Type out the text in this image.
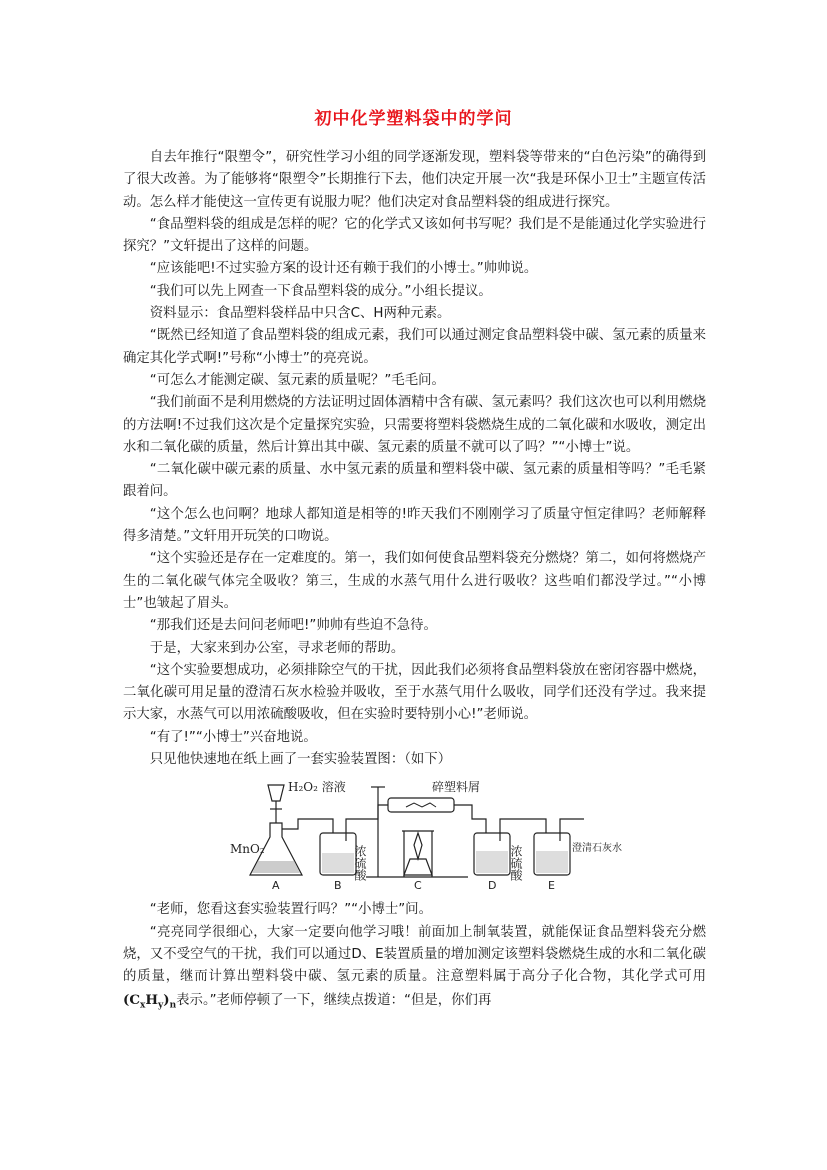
初中化学塑料袋中的学问

自去年推行“限塑令”，研究性学习小组的同学逐渐发现，塑料袋等带来的“白色污染”的确得到了很大改善。为了能够将“限塑令”长期推行下去，他们决定开展一次“我是环保小卫士”主题宣传活动。怎么样才能使这一宣传更有说服力呢？他们决定对食品塑料袋的组成进行探究。

“食品塑料袋的组成是怎样的呢？它的化学式又该如何书写呢？我们是不是能通过化学实验进行探究？”文轩提出了这样的问题。

“应该能吧!不过实验方案的设计还有赖于我们的小博士。”帅帅说。

“我们可以先上网查一下食品塑料袋的成分。”小组长提议。

资料显示：食品塑料袋样品中只含C、H两种元素。

“既然已经知道了食品塑料袋的组成元素，我们可以通过测定食品塑料袋中碳、氢元素的质量来确定其化学式啊!”号称“小博士”的亮亮说。

“可怎么才能测定碳、氢元素的质量呢？”毛毛问。

“我们前面不是利用燃烧的方法证明过固体酒精中含有碳、氢元素吗？我们这次也可以利用燃烧的方法啊!不过我们这次是个定量探究实验，只需要将塑料袋燃烧生成的二氧化碳和水吸收，测定出水和二氧化碳的质量，然后计算出其中碳、氢元素的质量不就可以了吗？”“小博士”说。

“二氧化碳中碳元素的质量、水中氢元素的质量和塑料袋中碳、氢元素的质量相等吗？”毛毛紧跟着问。

“这个怎么也问啊？地球人都知道是相等的!昨天我们不刚刚学习了质量守恒定律吗？老师解释得多清楚。”文轩用开玩笑的口吻说。

“这个实验还是存在一定难度的。第一，我们如何使食品塑料袋充分燃烧？第二，如何将燃烧产生的二氧化碳气体完全吸收？第三，生成的水蒸气用什么进行吸收？这些咱们都没学过。”“小博士”也皱起了眉头。

“那我们还是去问问老师吧!”帅帅有些迫不急待。

于是，大家来到办公室，寻求老师的帮助。

“这个实验要想成功，必须排除空气的干扰，因此我们必须将食品塑料袋放在密闭容器中燃烧，二氧化碳可用足量的澄清石灰水检验并吸收，至于水蒸气用什么吸收，同学们还没有学过。我来提示大家，水蒸气可以用浓硫酸吸收，但在实验时要特别小心!”老师说。

“有了!”“小博士”兴奋地说。

只见他快速地在纸上画了一套实验装置图：（如下）

H₂O₂ 溶液	碎塑料屑
MnO₂	浓硫酸	浓硫酸	澄清石灰水
A	B	C	D	E

“老师，您看这套实验装置行吗？”“小博士”问。

“亮亮同学很细心，大家一定要向他学习哦！前面加上制氧装置，就能保证食品塑料袋充分燃烧，又不受空气的干扰，我们可以通过D、E装置质量的增加测定该塑料袋燃烧生成的水和二氧化碳的质量，继而计算出塑料袋中碳、氢元素的质量。注意塑料属于高分子化合物，其化学式可用$(C_xH_y)_n$表示。”老师停顿了一下，继续点拨道：“但是，你们再
